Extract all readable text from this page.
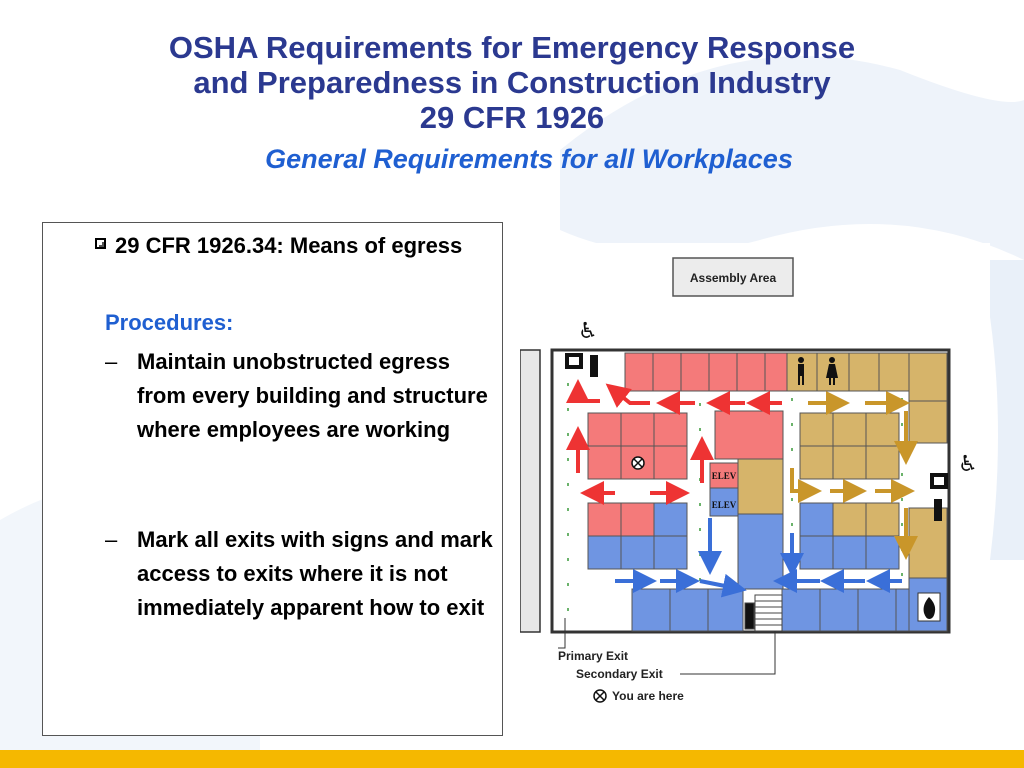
OSHA Requirements for Emergency Response
and Preparedness in Construction Industry
29 CFR 1926
General Requirements for all Workplaces
29 CFR 1926.34: Means of egress
Procedures:
– Maintain unobstructed egress from every building and structure where employees are working
– Mark all exits with signs and mark access to exits where it is not immediately apparent how to exit
Assembly Area
♿
♿
ELEV
ELEV
Primary Exit
Secondary Exit
You are here
